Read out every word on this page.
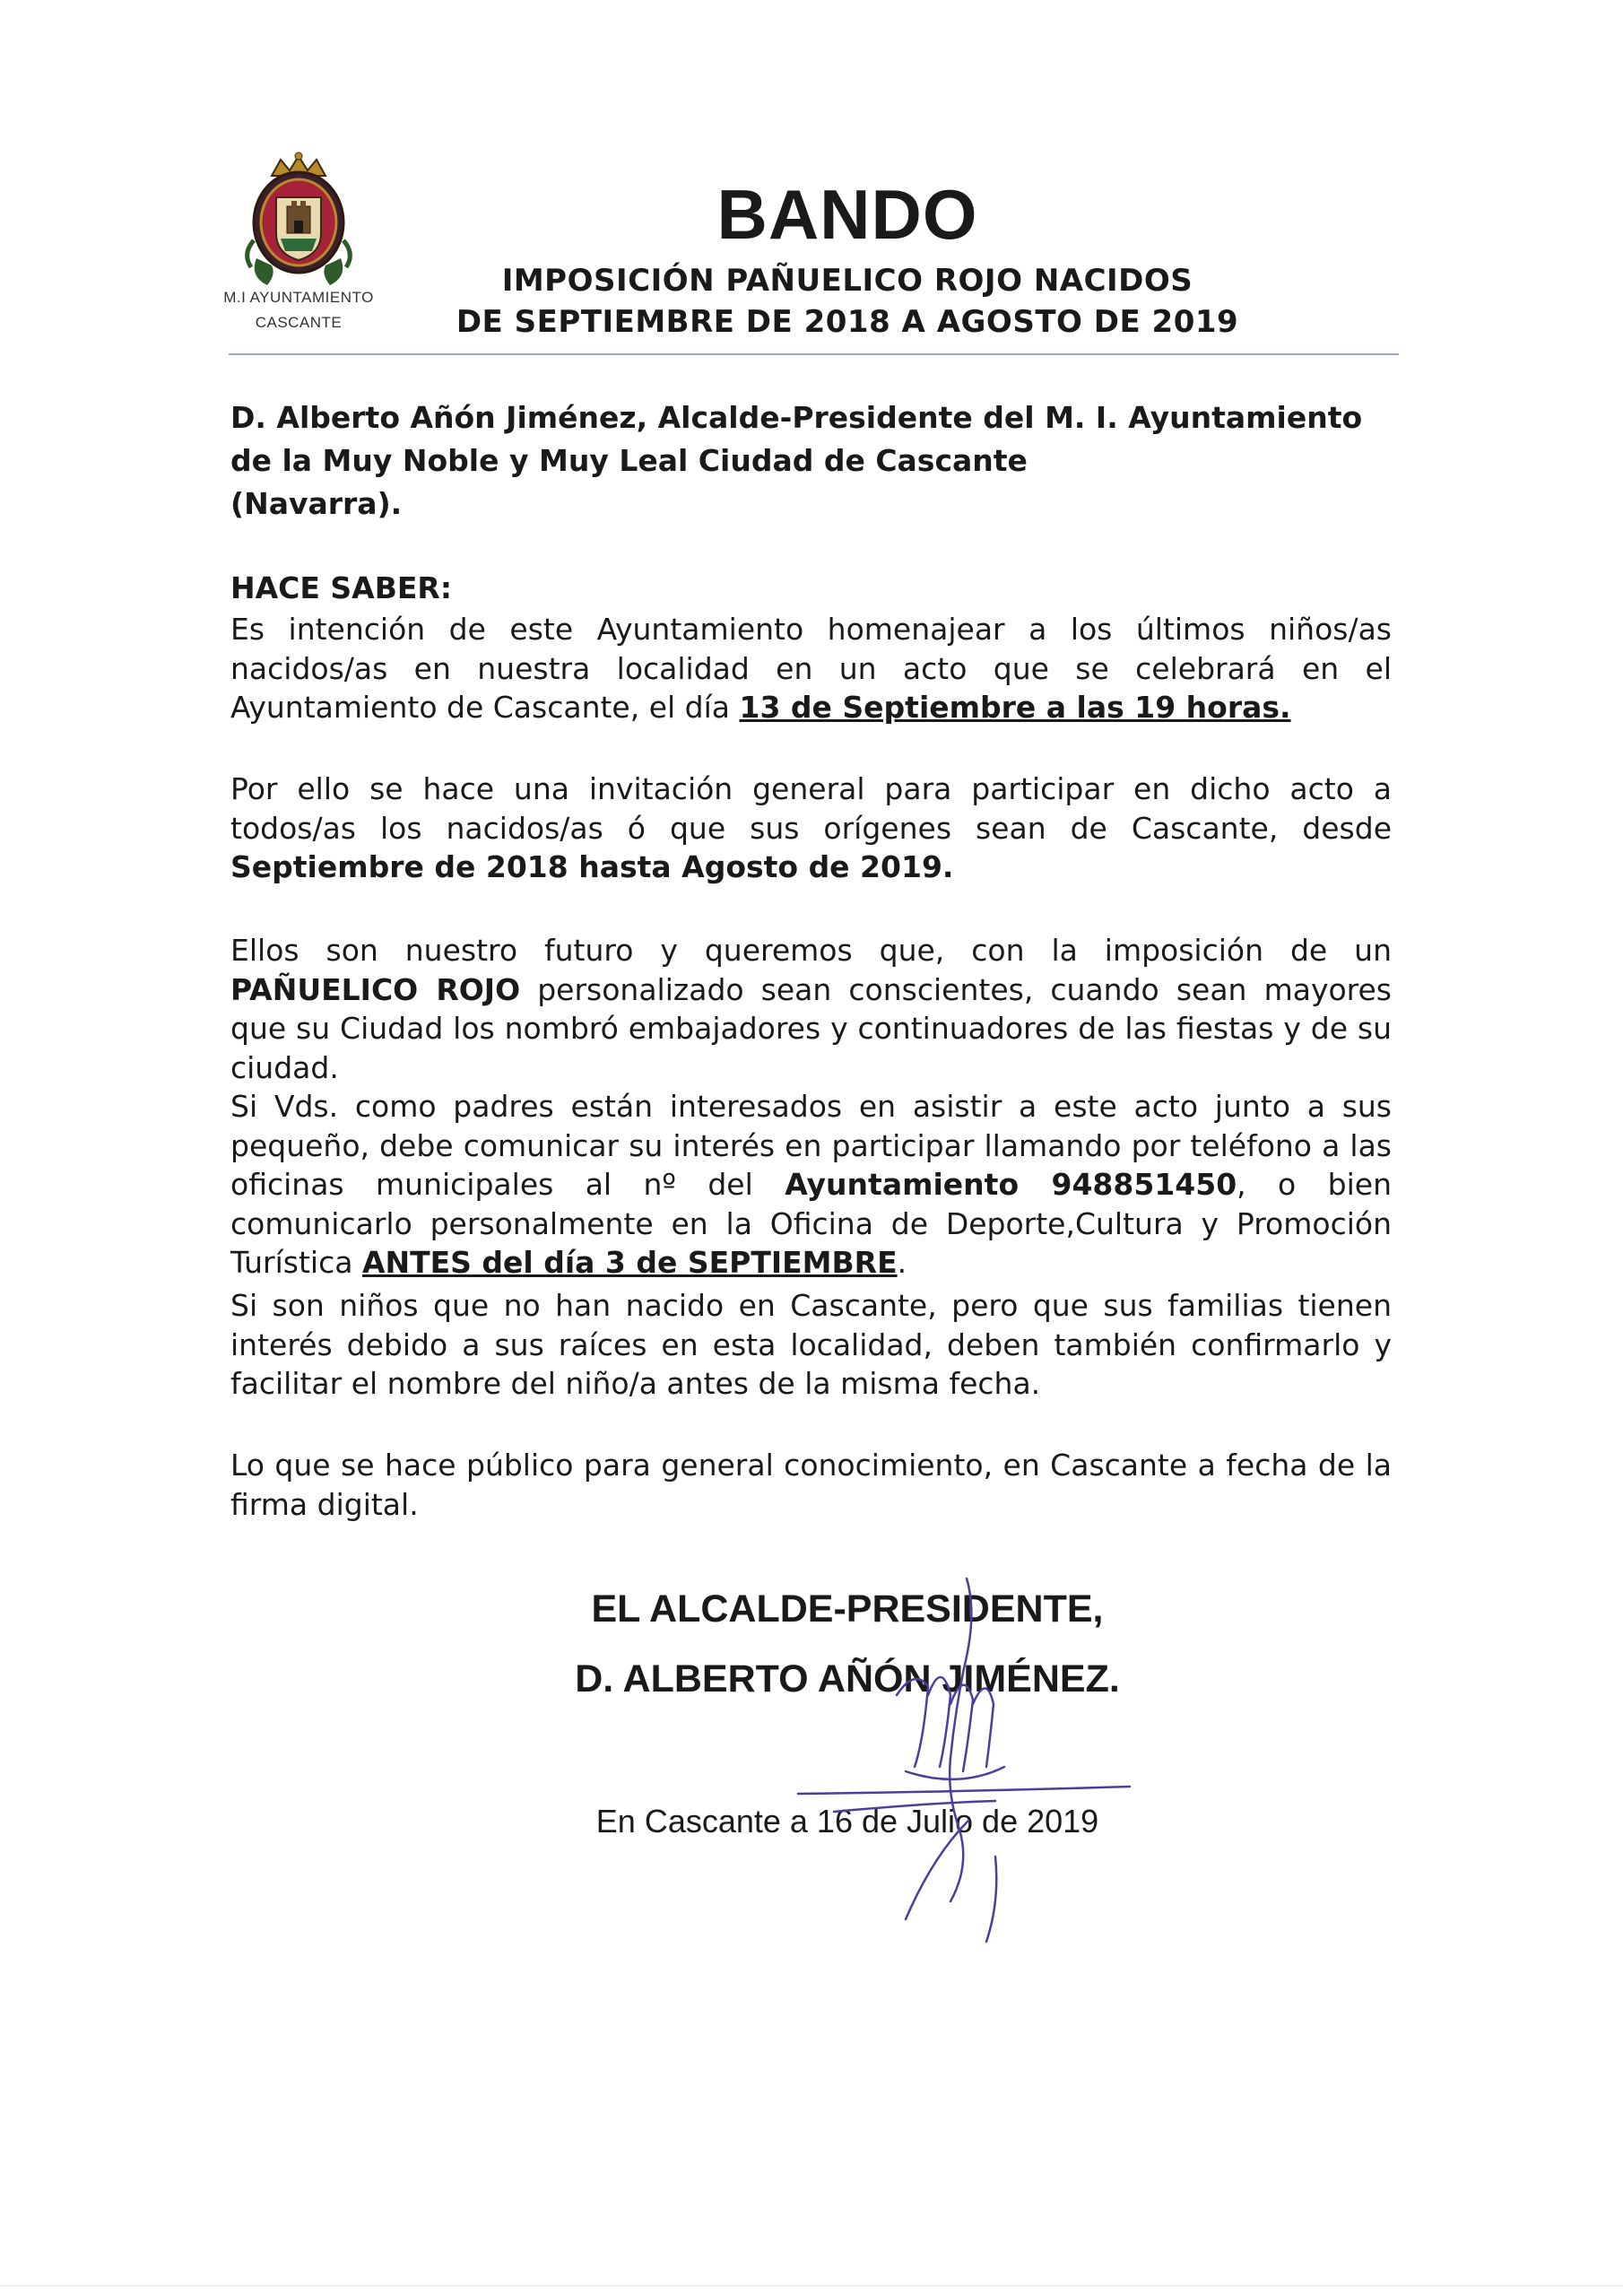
M.I AYUNTAMIENTO
CASCANTE
BANDO
IMPOSICIÓN PAÑUELICO ROJO NACIDOS
DE SEPTIEMBRE DE 2018 A AGOSTO DE 2019
D. Alberto Añón Jiménez, Alcalde-Presidente del M. I. Ayuntamiento
de la Muy Noble y Muy Leal Ciudad de Cascante
(Navarra).
HACE SABER:

Es intención de este Ayuntamiento homenajear a los últimos niños/as nacidos/as en nuestra localidad en un acto que se celebrará en el Ayuntamiento de Cascante, el día 13 de Septiembre a las 19 horas.

Por ello se hace una invitación general para participar en dicho acto a todos/as los nacidos/as ó que sus orígenes sean de Cascante, desde Septiembre de 2018 hasta Agosto de 2019.

Ellos son nuestro futuro y queremos que, con la imposición de un PAÑUELICO ROJO personalizado sean conscientes, cuando sean mayores que su Ciudad los nombró embajadores y continuadores de las fiestas y de su ciudad.

Si Vds. como padres están interesados en asistir a este acto junto a sus pequeño, debe comunicar su interés en participar llamando por teléfono a las oficinas municipales al nº del Ayuntamiento 948851450, o bien comunicarlo personalmente en la Oficina de Deporte,Cultura y Promoción Turística ANTES del día 3 de SEPTIEMBRE.

Si son niños que no han nacido en Cascante, pero que sus familias tienen interés debido a sus raíces en esta localidad, deben también confirmarlo y facilitar el nombre del niño/a antes de la misma fecha.

Lo que se hace público para general conocimiento, en Cascante a fecha de la firma digital.

EL ALCALDE-PRESIDENTE,
D. ALBERTO AÑÓN JIMÉNEZ.
En Cascante a 16 de Julio de 2019
